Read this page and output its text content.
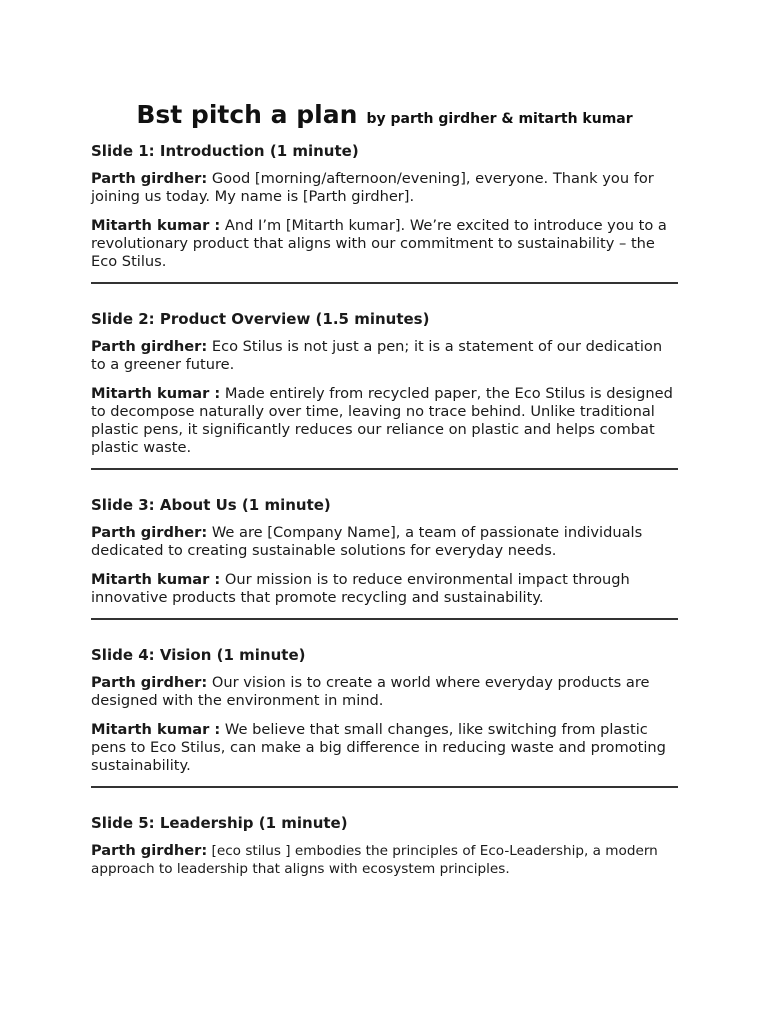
Bst pitch a plan by parth girdher & mitarth kumar
Slide 1: Introduction (1 minute)

Parth girdher: Good [morning/afternoon/evening], everyone. Thank you for joining us today. My name is [Parth girdher].

Mitarth kumar : And I’m [Mitarth kumar]. We’re excited to introduce you to a revolutionary product that aligns with our commitment to sustainability – the Eco Stilus.

Slide 2: Product Overview (1.5 minutes)

Parth girdher: Eco Stilus is not just a pen; it is a statement of our dedication to a greener future.

Mitarth kumar : Made entirely from recycled paper, the Eco Stilus is designed to decompose naturally over time, leaving no trace behind. Unlike traditional plastic pens, it significantly reduces our reliance on plastic and helps combat plastic waste.

Slide 3: About Us (1 minute)

Parth girdher: We are [Company Name], a team of passionate individuals dedicated to creating sustainable solutions for everyday needs.

Mitarth kumar : Our mission is to reduce environmental impact through innovative products that promote recycling and sustainability.

Slide 4: Vision (1 minute)

Parth girdher: Our vision is to create a world where everyday products are designed with the environment in mind.

Mitarth kumar : We believe that small changes, like switching from plastic pens to Eco Stilus, can make a big difference in reducing waste and promoting sustainability.

Slide 5: Leadership (1 minute)

Parth girdher: [eco stilus ] embodies the principles of Eco-Leadership, a modern approach to leadership that aligns with ecosystem principles.
